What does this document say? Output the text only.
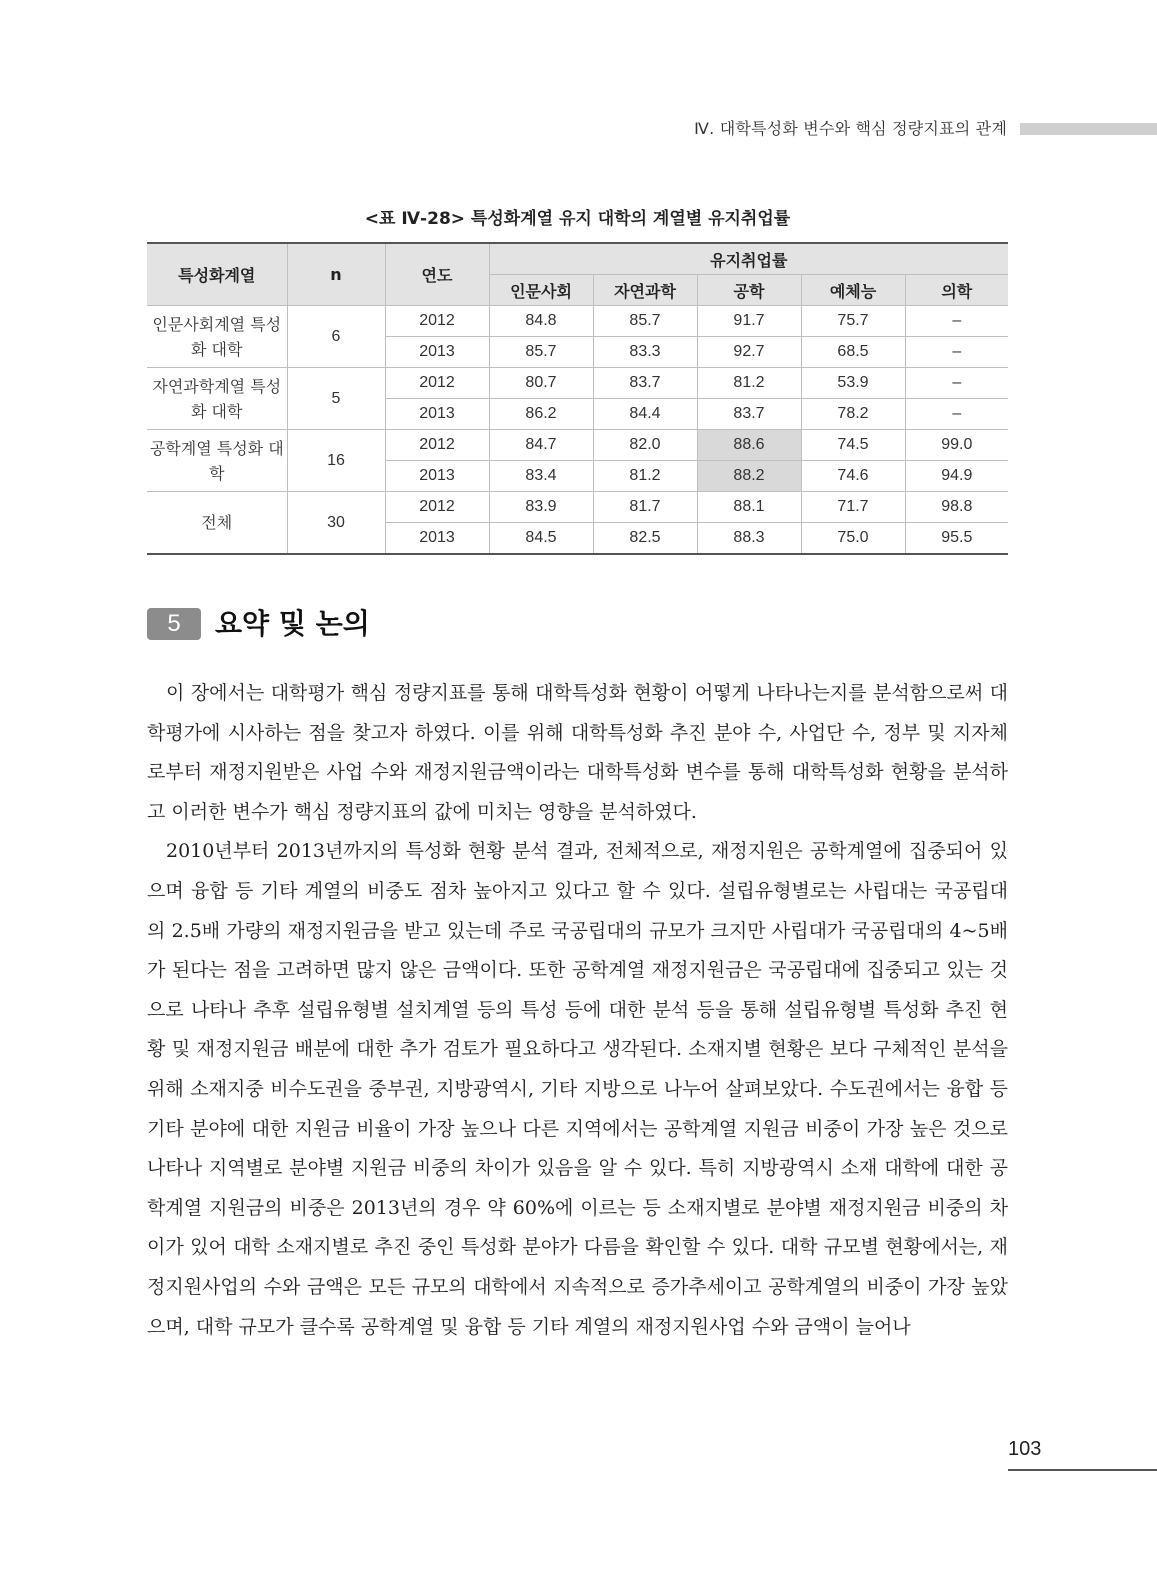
Ⅳ. 대학특성화 변수와 핵심 정량지표의 관계
<표 Ⅳ-28> 특성화계열 유지 대학의 계열별 유지취업률
특성화계열	n	연도	유지취업률				
			인문사회	자연과학	공학	예체능	의학
인문사회계열 특성화 대학	6	2012	84.8	85.7	91.7	75.7	–
		2013	85.7	83.3	92.7	68.5	–
자연과학계열 특성화 대학	5	2012	80.7	83.7	81.2	53.9	–
		2013	86.2	84.4	83.7	78.2	–
공학계열 특성화 대학	16	2012	84.7	82.0	88.6	74.5	99.0
		2013	83.4	81.2	88.2	74.6	94.9
전체	30	2012	83.9	81.7	88.1	71.7	98.8
		2013	84.5	82.5	88.3	75.0	95.5
5	요약 및 논의

이 장에서는 대학평가 핵심 정량지표를 통해 대학특성화 현황이 어떻게 나타나는지를 분석함으로써 대학평가에 시사하는 점을 찾고자 하였다. 이를 위해 대학특성화 추진 분야 수, 사업단 수, 정부 및 지자체로부터 재정지원받은 사업 수와 재정지원금액이라는 대학특성화 변수를 통해 대학특성화 현황을 분석하고 이러한 변수가 핵심 정량지표의 값에 미치는 영향을 분석하였다.

2010년부터 2013년까지의 특성화 현황 분석 결과, 전체적으로, 재정지원은 공학계열에 집중되어 있으며 융합 등 기타 계열의 비중도 점차 높아지고 있다고 할 수 있다. 설립유형별로는 사립대는 국공립대의 2.5배 가량의 재정지원금을 받고 있는데 주로 국공립대의 규모가 크지만 사립대가 국공립대의 4~5배가 된다는 점을 고려하면 많지 않은 금액이다. 또한 공학계열 재정지원금은 국공립대에 집중되고 있는 것으로 나타나 추후 설립유형별 설치계열 등의 특성 등에 대한 분석 등을 통해 설립유형별 특성화 추진 현황 및 재정지원금 배분에 대한 추가 검토가 필요하다고 생각된다. 소재지별 현황은 보다 구체적인 분석을 위해 소재지중 비수도권을 중부권, 지방광역시, 기타 지방으로 나누어 살펴보았다. 수도권에서는 융합 등 기타 분야에 대한 지원금 비율이 가장 높으나 다른 지역에서는 공학계열 지원금 비중이 가장 높은 것으로 나타나 지역별로 분야별 지원금 비중의 차이가 있음을 알 수 있다. 특히 지방광역시 소재 대학에 대한 공학계열 지원금의 비중은 2013년의 경우 약 60%에 이르는 등 소재지별로 분야별 재정지원금 비중의 차이가 있어 대학 소재지별로 추진 중인 특성화 분야가 다름을 확인할 수 있다. 대학 규모별 현황에서는, 재정지원사업의 수와 금액은 모든 규모의 대학에서 지속적으로 증가추세이고 공학계열의 비중이 가장 높았으며, 대학 규모가 클수록 공학계열 및 융합 등 기타 계열의 재정지원사업 수와 금액이 늘어나

103
